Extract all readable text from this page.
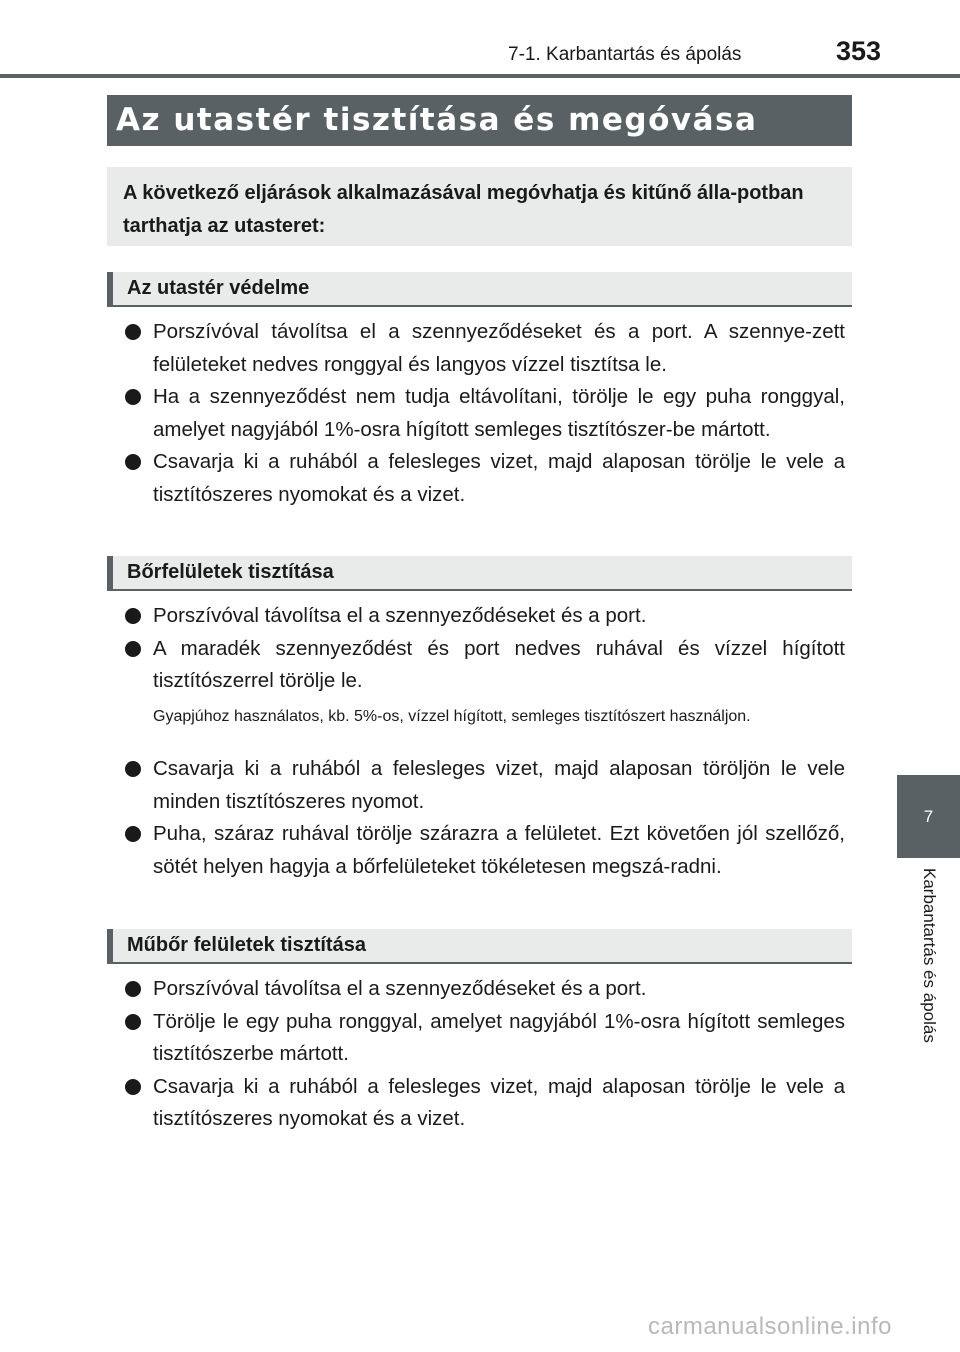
7-1. Karbantartás és ápolás	353
Az utastér tisztítása és megóvása
A következő eljárások alkalmazásával megóvhatja és kitűnő álla-potban tarthatja az utasteret:
Az utastér védelme
Porszívóval távolítsa el a szennyeződéseket és a port. A szennye-zett felületeket nedves ronggyal és langyos vízzel tisztítsa le.
Ha a szennyeződést nem tudja eltávolítani, törölje le egy puha ronggyal, amelyet nagyjából 1%-osra hígított semleges tisztítószer-be mártott.
Csavarja ki a ruhából a felesleges vizet, majd alaposan törölje le vele a tisztítószeres nyomokat és a vizet.
Bőrfelületek tisztítása
Porszívóval távolítsa el a szennyeződéseket és a port.
A maradék szennyeződést és port nedves ruhával és vízzel hígított tisztítószerrel törölje le.
Gyapjúhoz használatos, kb. 5%-os, vízzel hígított, semleges tisztítószert használjon.
Csavarja ki a ruhából a felesleges vizet, majd alaposan töröljön le vele minden tisztítószeres nyomot.
Puha, száraz ruhával törölje szárazra a felületet. Ezt követően jól szellőző, sötét helyen hagyja a bőrfelületeket tökéletesen megszá-radni.
Műbőr felületek tisztítása
Porszívóval távolítsa el a szennyeződéseket és a port.
Törölje le egy puha ronggyal, amelyet nagyjából 1%-osra hígított semleges tisztítószerbe mártott.
Csavarja ki a ruhából a felesleges vizet, majd alaposan törölje le vele a tisztítószeres nyomokat és a vizet.
7
Karbantartás és ápolás
carmanualsonline.info
